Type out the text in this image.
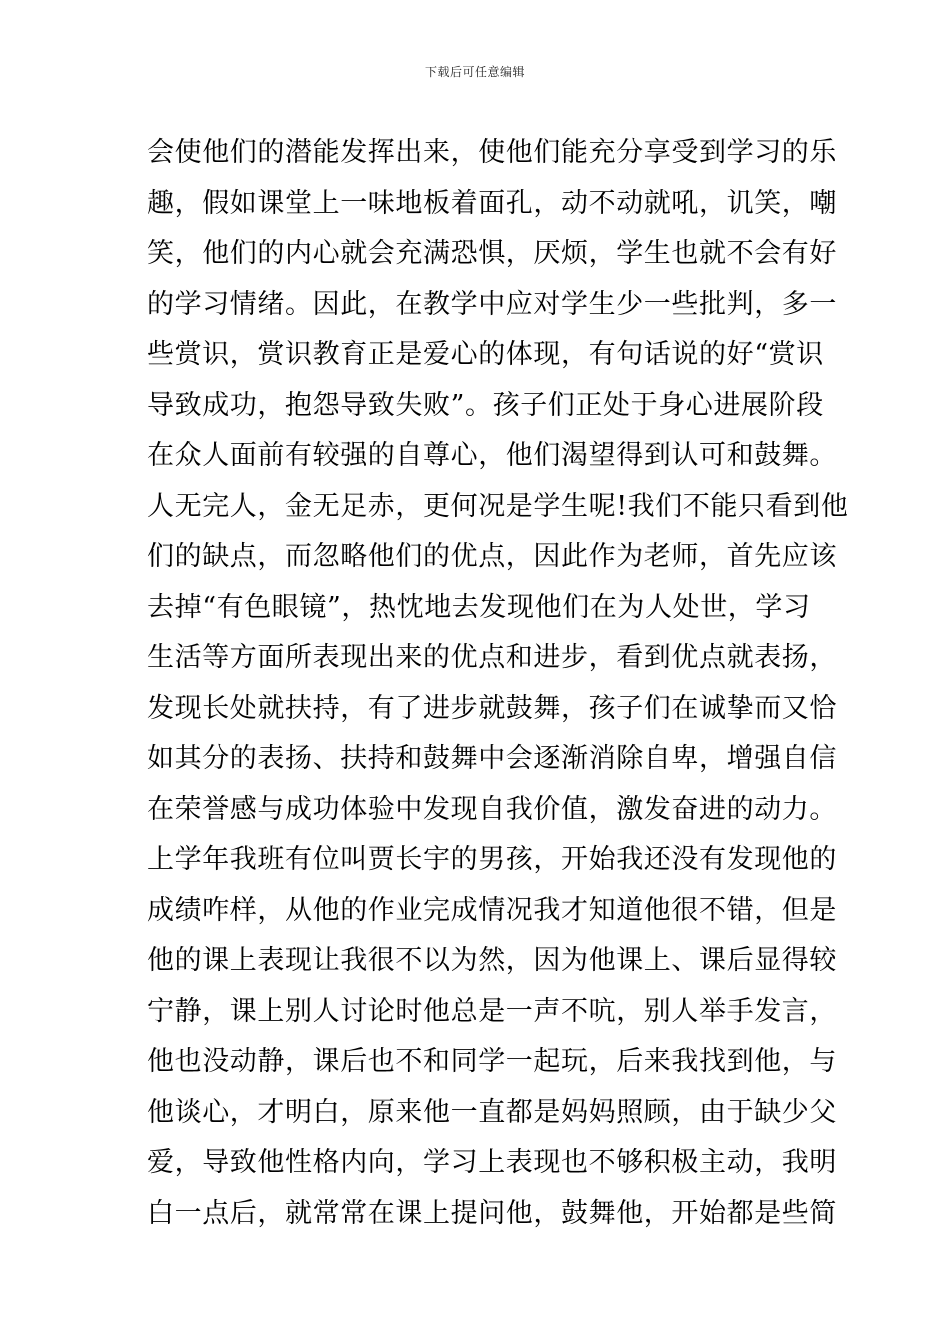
下载后可任意编辑
会使他们的潜能发挥出来，使他们能充分享受到学习的乐
趣，假如课堂上一味地板着面孔，动不动就吼，讥笑，嘲
笑，他们的内心就会充满恐惧，厌烦，学生也就不会有好
的学习情绪。因此，在教学中应对学生少一些批判，多一
些赏识，赏识教育正是爱心的体现，有句话说的好“赏识
导致成功，抱怨导致失败”。孩子们正处于身心进展阶段
在众人面前有较强的自尊心，他们渴望得到认可和鼓舞。
人无完人，金无足赤，更何况是学生呢!我们不能只看到他
们的缺点，而忽略他们的优点，因此作为老师，首先应该
去掉“有色眼镜”，热忱地去发现他们在为人处世，学习
生活等方面所表现出来的优点和进步，看到优点就表扬，
发现长处就扶持，有了进步就鼓舞，孩子们在诚挚而又恰
如其分的表扬、扶持和鼓舞中会逐渐消除自卑，增强自信
在荣誉感与成功体验中发现自我价值，激发奋进的动力。
上学年我班有位叫贾长宇的男孩，开始我还没有发现他的
成绩咋样，从他的作业完成情况我才知道他很不错，但是
他的课上表现让我很不以为然，因为他课上、课后显得较
宁静，课上别人讨论时他总是一声不吭，别人举手发言，
他也没动静，课后也不和同学一起玩，后来我找到他，与
他谈心，才明白，原来他一直都是妈妈照顾，由于缺少父
爱，导致他性格内向，学习上表现也不够积极主动，我明
白一点后，就常常在课上提问他，鼓舞他，开始都是些简
